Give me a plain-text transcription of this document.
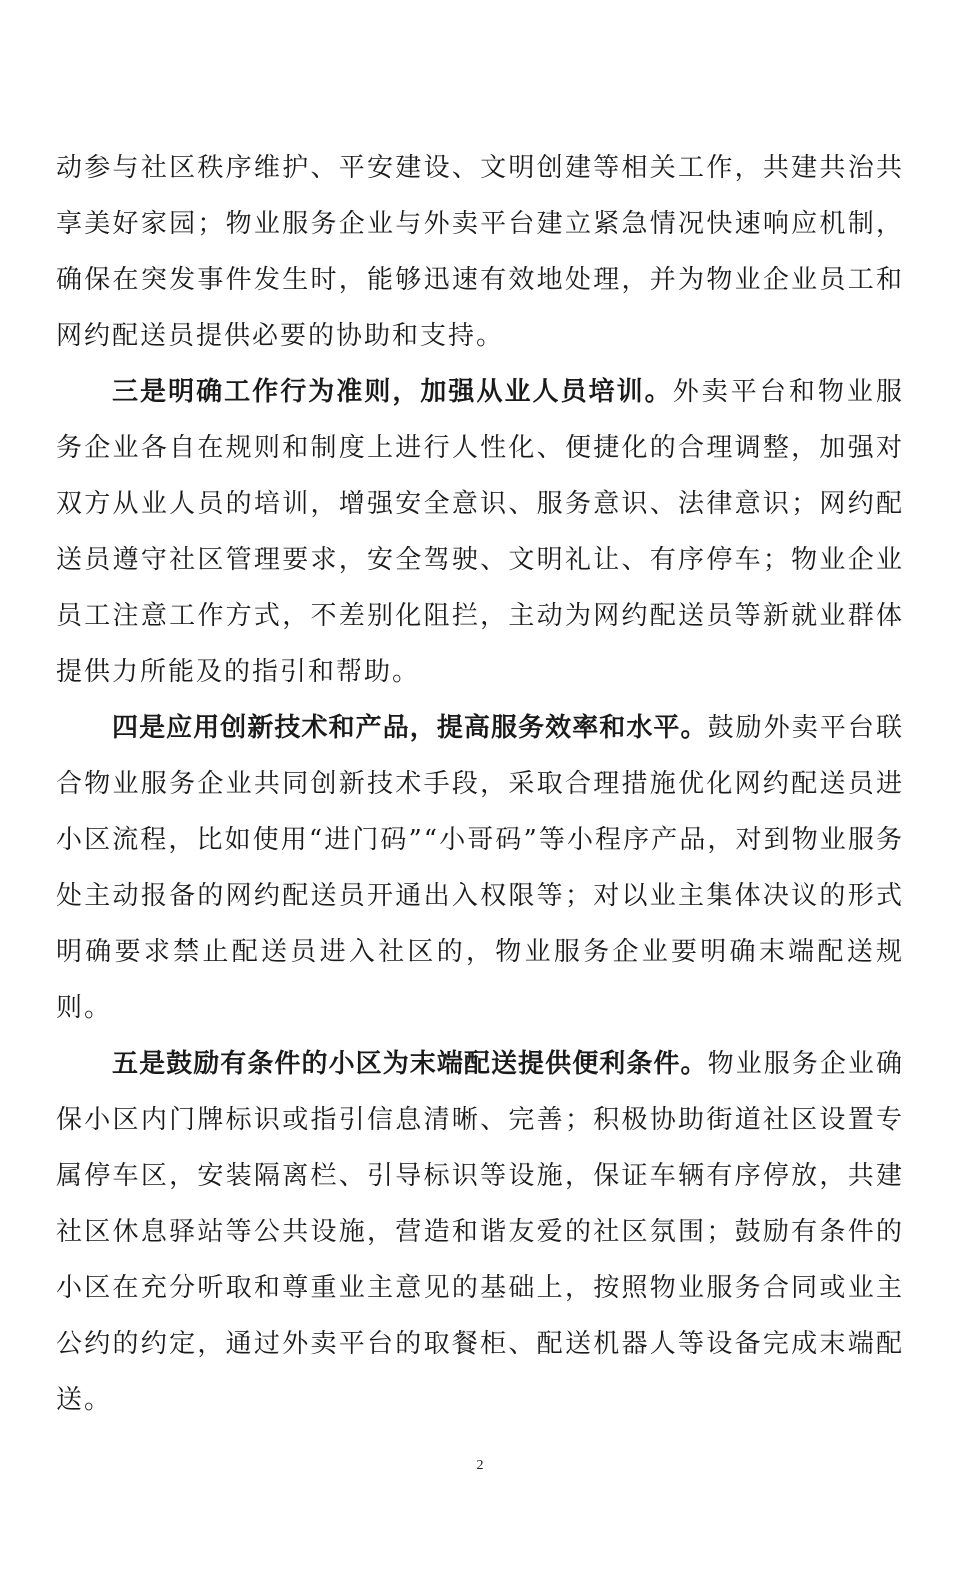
动参与社区秩序维护、平安建设、文明创建等相关工作，共建共治共享美好家园；物业服务企业与外卖平台建立紧急情况快速响应机制，确保在突发事件发生时，能够迅速有效地处理，并为物业企业员工和网约配送员提供必要的协助和支持。

三是明确工作行为准则，加强从业人员培训。外卖平台和物业服务企业各自在规则和制度上进行人性化、便捷化的合理调整，加强对双方从业人员的培训，增强安全意识、服务意识、法律意识；网约配送员遵守社区管理要求，安全驾驶、文明礼让、有序停车；物业企业员工注意工作方式，不差别化阻拦，主动为网约配送员等新就业群体提供力所能及的指引和帮助。

四是应用创新技术和产品，提高服务效率和水平。鼓励外卖平台联合物业服务企业共同创新技术手段，采取合理措施优化网约配送员进小区流程，比如使用“进门码”“小哥码”等小程序产品，对到物业服务处主动报备的网约配送员开通出入权限等；对以业主集体决议的形式明确要求禁止配送员进入社区的，物业服务企业要明确末端配送规则。

五是鼓励有条件的小区为末端配送提供便利条件。物业服务企业确保小区内门牌标识或指引信息清晰、完善；积极协助街道社区设置专属停车区，安装隔离栏、引导标识等设施，保证车辆有序停放，共建社区休息驿站等公共设施，营造和谐友爱的社区氛围；鼓励有条件的小区在充分听取和尊重业主意见的基础上，按照物业服务合同或业主公约的约定，通过外卖平台的取餐柜、配送机器人等设备完成末端配送。

2
